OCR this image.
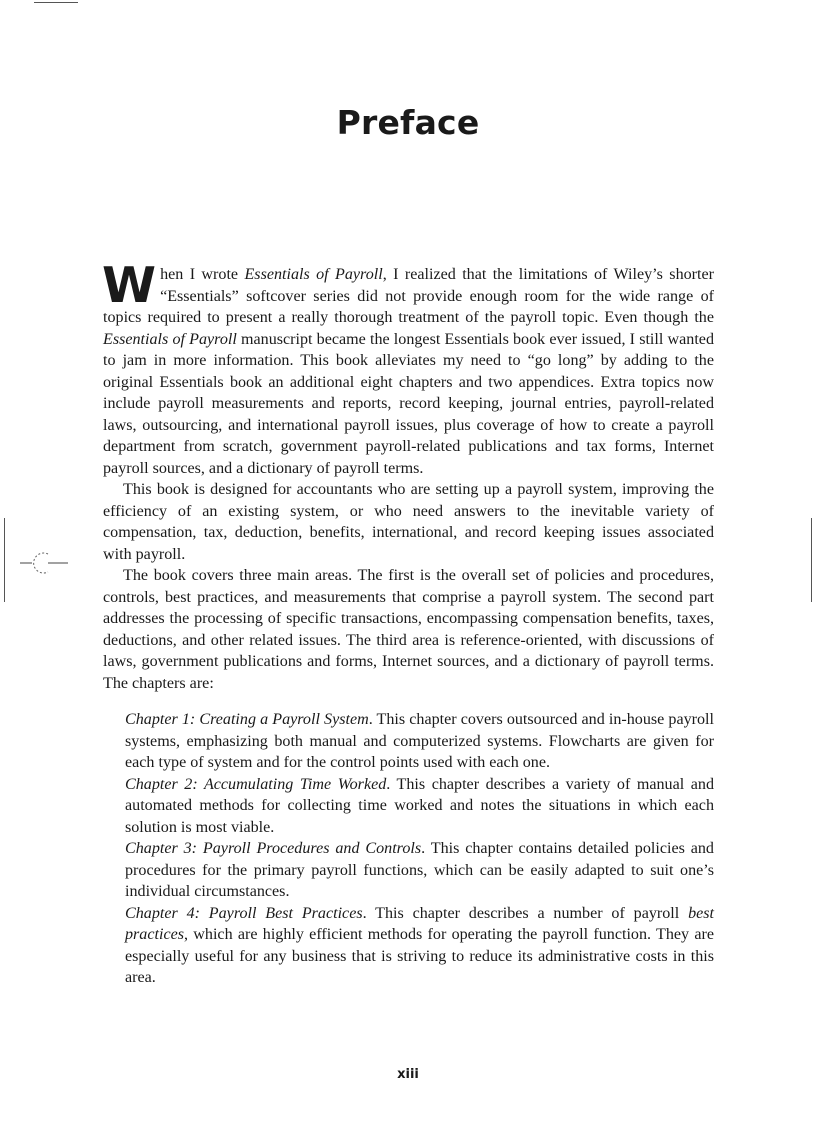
Preface

When I wrote Essentials of Payroll, I realized that the limitations of Wiley’s shorter “Essentials” softcover series did not provide enough room for the wide range of topics required to present a really thorough treatment of the payroll topic. Even though the Essentials of Payroll manuscript became the longest Essentials book ever issued, I still wanted to jam in more information. This book alleviates my need to “go long” by adding to the original Essentials book an additional eight chapters and two appendices. Extra topics now include payroll measurements and reports, record keeping, journal entries, payroll-related laws, outsourcing, and international payroll issues, plus coverage of how to create a payroll department from scratch, government payroll-related publications and tax forms, Internet payroll sources, and a dictionary of payroll terms.

This book is designed for accountants who are setting up a payroll system, improving the efficiency of an existing system, or who need answers to the inevitable variety of compensation, tax, deduction, benefits, international, and record keeping issues associated with payroll.

The book covers three main areas. The first is the overall set of policies and procedures, controls, best practices, and measurements that comprise a payroll system. The second part addresses the processing of specific transactions, encompassing compensation benefits, taxes, deductions, and other related issues. The third area is reference-oriented, with discussions of laws, government publications and forms, Internet sources, and a dictionary of payroll terms. The chapters are:

Chapter 1: Creating a Payroll System. This chapter covers outsourced and in-house payroll systems, emphasizing both manual and computerized systems. Flowcharts are given for each type of system and for the control points used with each one.

Chapter 2: Accumulating Time Worked. This chapter describes a variety of manual and automated methods for collecting time worked and notes the situations in which each solution is most viable.

Chapter 3: Payroll Procedures and Controls. This chapter contains detailed policies and procedures for the primary payroll functions, which can be easily adapted to suit one’s individual circumstances.

Chapter 4: Payroll Best Practices. This chapter describes a number of payroll best practices, which are highly efficient methods for operating the payroll function. They are especially useful for any business that is striving to reduce its administrative costs in this area.

xiii
